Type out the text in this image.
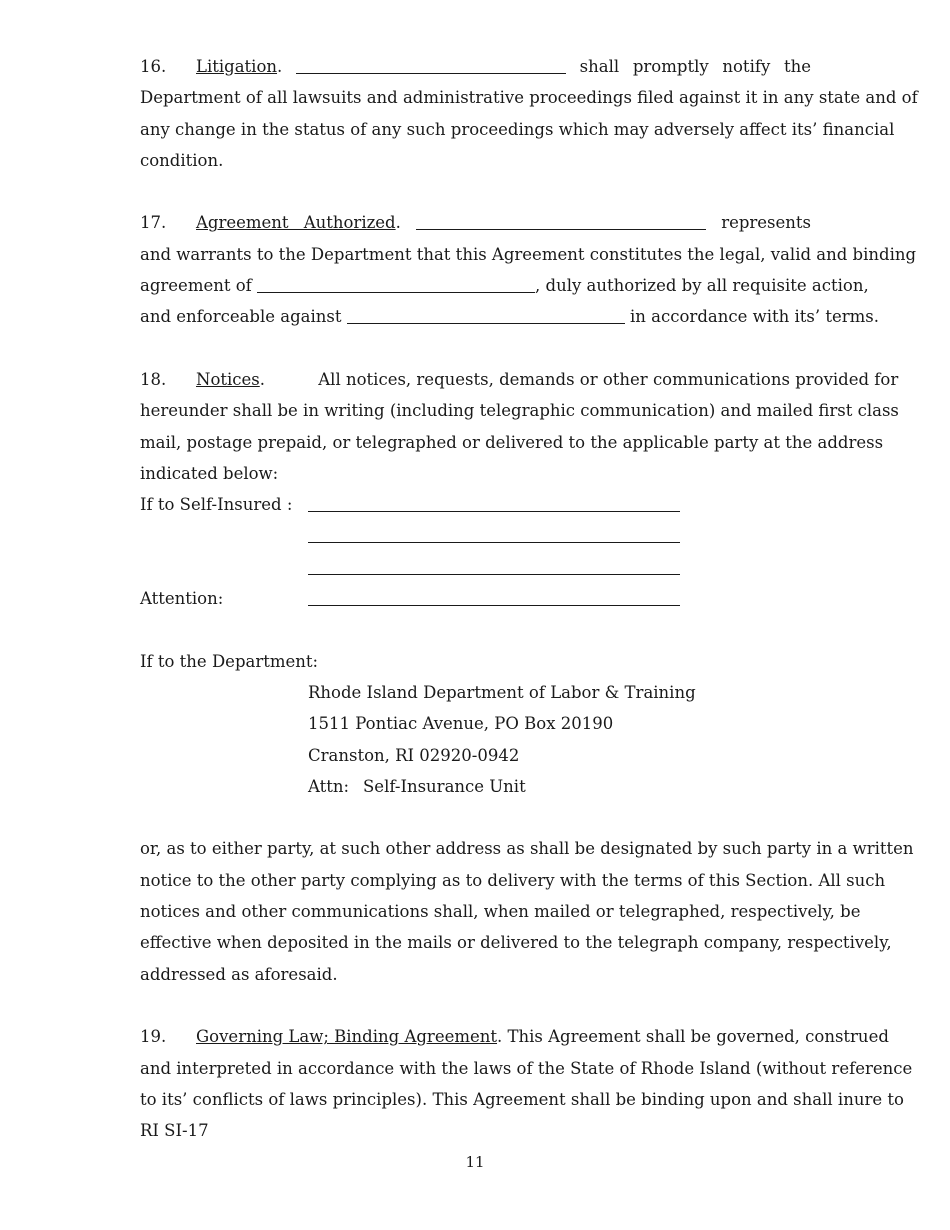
16. Litigation.	shall promptly notify the
Department of all lawsuits and administrative proceedings filed against it in any state and of
any change in the status of any such proceedings which may adversely affect its’ financial
condition.
17. Agreement Authorized.	represents
and warrants to the Department that this Agreement constitutes the legal, valid and binding
agreement of	, duly authorized by all requisite action,
and enforceable against	in accordance with its’ terms.
18. Notices.	All notices, requests, demands or other communications provided for
hereunder shall be in writing (including telegraphic communication) and mailed first class
mail, postage prepaid, or telegraphed or delivered to the applicable party at the address
indicated below:
If to Self-Insured :
Attention:
If to the Department:
Rhode Island Department of Labor & Training
1511 Pontiac Avenue, PO Box 20190
Cranston, RI 02920-0942
Attn: Self-Insurance Unit
or, as to either party, at such other address as shall be designated by such party in a written
notice to the other party complying as to delivery with the terms of this Section. All such
notices and other communications shall, when mailed or telegraphed, respectively, be
effective when deposited in the mails or delivered to the telegraph company, respectively,
addressed as aforesaid.
19. Governing Law; Binding Agreement. This Agreement shall be governed, construed
and interpreted in accordance with the laws of the State of Rhode Island (without reference
to its’ conflicts of laws principles). This Agreement shall be binding upon and shall inure to
RI SI-17
11
